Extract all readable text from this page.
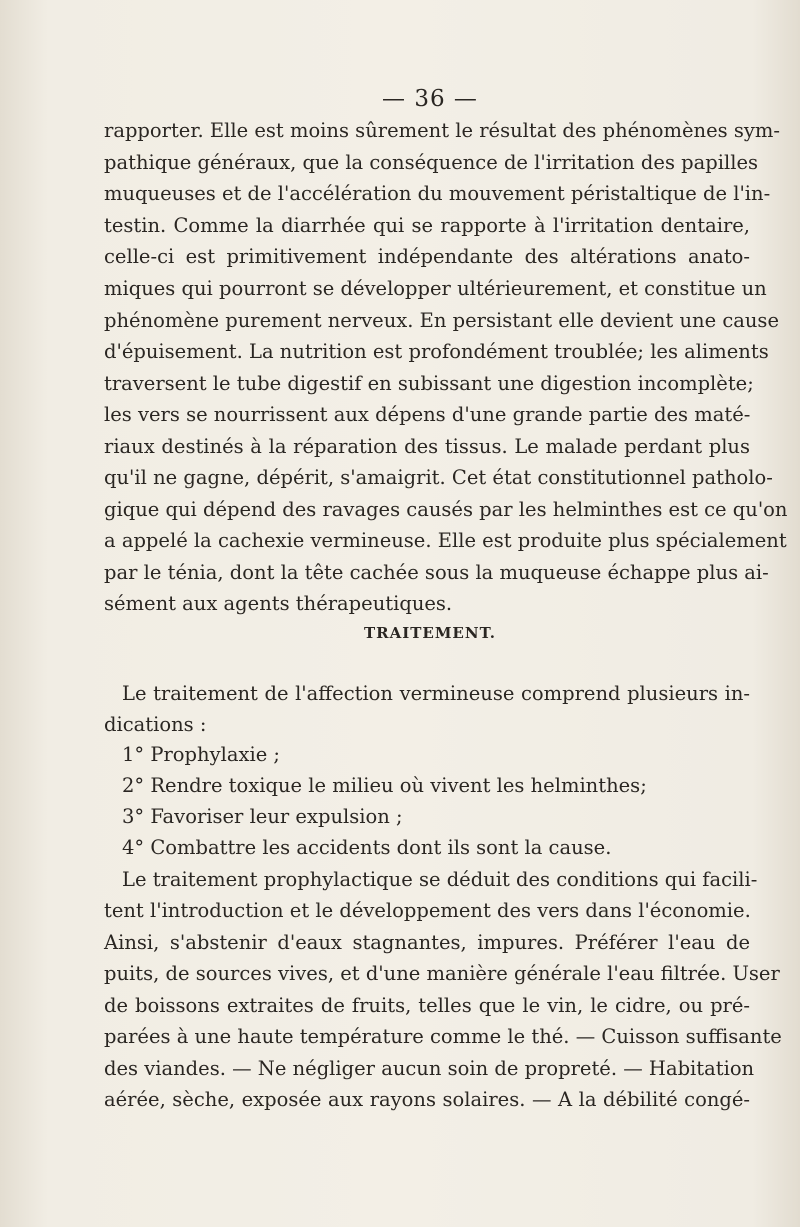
— 36 —
rapporter. Elle est moins sûrement le résultat des phénomènes sym-
pathique généraux, que la conséquence de l'irritation des papilles
muqueuses et de l'accélération du mouvement péristaltique de l'in-
testin. Comme la diarrhée qui se rapporte à l'irritation dentaire,
celle-ci est primitivement indépendante des altérations anato-
miques qui pourront se développer ultérieurement, et constitue un
phénomène purement nerveux. En persistant elle devient une cause
d'épuisement. La nutrition est profondément troublée; les aliments
traversent le tube digestif en subissant une digestion incomplète;
les vers se nourrissent aux dépens d'une grande partie des maté-
riaux destinés à la réparation des tissus. Le malade perdant plus
qu'il ne gagne, dépérit, s'amaigrit. Cet état constitutionnel patholo-
gique qui dépend des ravages causés par les helminthes est ce qu'on
a appelé la cachexie vermineuse. Elle est produite plus spécialement
par le ténia, dont la tête cachée sous la muqueuse échappe plus ai-
sément aux agents thérapeutiques.
TRAITEMENT.
Le traitement de l'affection vermineuse comprend plusieurs in-
dications :
1° Prophylaxie ;
2° Rendre toxique le milieu où vivent les helminthes;
3° Favoriser leur expulsion ;
4° Combattre les accidents dont ils sont la cause.
Le traitement prophylactique se déduit des conditions qui facili-
tent l'introduction et le développement des vers dans l'économie.
Ainsi, s'abstenir d'eaux stagnantes, impures. Préférer l'eau de
puits, de sources vives, et d'une manière générale l'eau filtrée. User
de boissons extraites de fruits, telles que le vin, le cidre, ou pré-
parées à une haute température comme le thé. — Cuisson suffisante
des viandes. — Ne négliger aucun soin de propreté. — Habitation
aérée, sèche, exposée aux rayons solaires. — A la débilité congé-
